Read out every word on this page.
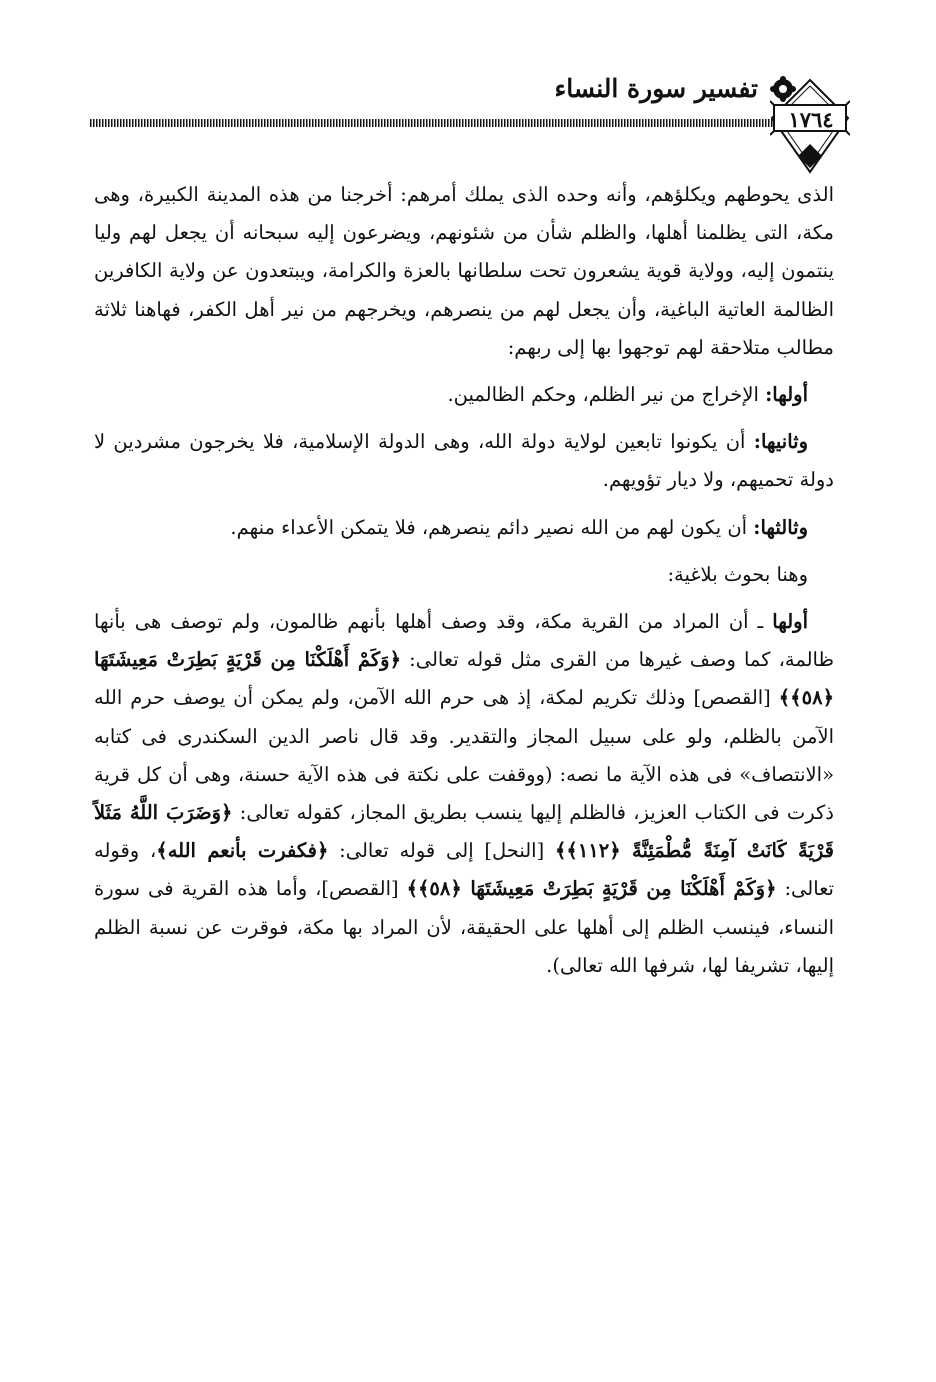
تفسير سورة النساء
١٧٦٤

الذى يحوطهم ويكلؤهم، وأنه وحده الذى يملك أمرهم: أخرجنا من هذه المدينة الكبيرة، وهى مكة، التى يظلمنا أهلها، والظلم شأن من شئونهم، ويضرعون إليه سبحانه أن يجعل لهم وليا ينتمون إليه، وولاية قوية يشعرون تحت سلطانها بالعزة والكرامة، ويبتعدون عن ولاية الكافرين الظالمة العاتية الباغية، وأن يجعل لهم من ينصرهم، ويخرجهم من نير أهل الكفر، فهاهنا ثلاثة مطالب متلاحقة لهم توجهوا بها إلى ربهم:

أولها: الإخراج من نير الظلم، وحكم الظالمين.

وثانيها: أن يكونوا تابعين لولاية دولة الله، وهى الدولة الإسلامية، فلا يخرجون مشردين لا دولة تحميهم، ولا ديار تؤويهم.

وثالثها: أن يكون لهم من الله نصير دائم ينصرهم، فلا يتمكن الأعداء منهم.

وهنا بحوث بلاغية:

أولها ـ أن المراد من القرية مكة، وقد وصف أهلها بأنهم ظالمون، ولم توصف هى بأنها ظالمة، كما وصف غيرها من القرى مثل قوله تعالى: ﴿وَكَمْ أَهْلَكْنَا مِن قَرْيَةٍ بَطِرَتْ مَعِيشَتَهَا ﴿٥٨﴾﴾ [القصص] وذلك تكريم لمكة، إذ هى حرم الله الآمن، ولم يمكن أن يوصف حرم الله الآمن بالظلم، ولو على سبيل المجاز والتقدير. وقد قال ناصر الدين السكندرى فى كتابه «الانتصاف» فى هذه الآية ما نصه: (ووقفت على نكتة فى هذه الآية حسنة، وهى أن كل قرية ذكرت فى الكتاب العزيز، فالظلم إليها ينسب بطريق المجاز، كقوله تعالى: ﴿وَضَرَبَ اللَّهُ مَثَلاً قَرْيَةً كَانَتْ آمِنَةً مُّطْمَئِنَّةً ﴿١١٢﴾﴾ [النحل] إلى قوله تعالى: ﴿فكفرت بأنعم الله﴾، وقوله تعالى: ﴿وَكَمْ أَهْلَكْنَا مِن قَرْيَةٍ بَطِرَتْ مَعِيشَتَهَا ﴿٥٨﴾﴾ [القصص]، وأما هذه القرية فى سورة النساء، فينسب الظلم إلى أهلها على الحقيقة، لأن المراد بها مكة، فوقرت عن نسبة الظلم إليها، تشريفا لها، شرفها الله تعالى).
